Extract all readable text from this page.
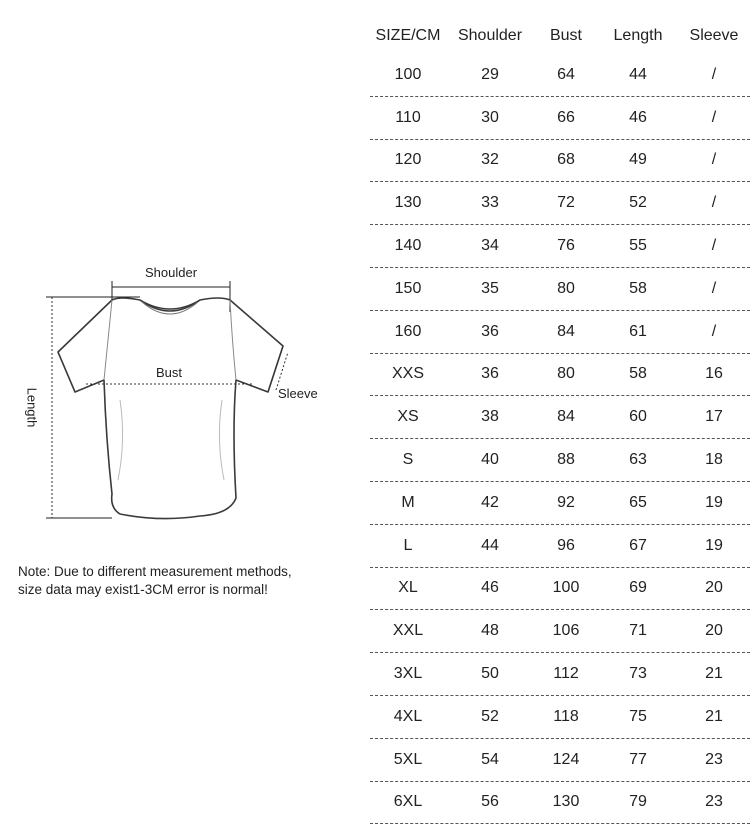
Shoulder
Bust
Sleeve
Length
Note: Due to different measurement methods,
size data may exist1-3CM error is normal!
SIZE/CM	Shoulder	Bust	Length	Sleeve
100	29	64	44	/
110	30	66	46	/
120	32	68	49	/
130	33	72	52	/
140	34	76	55	/
150	35	80	58	/
160	36	84	61	/
XXS	36	80	58	16
XS	38	84	60	17
S	40	88	63	18
M	42	92	65	19
L	44	96	67	19
XL	46	100	69	20
XXL	48	106	71	20
3XL	50	112	73	21
4XL	52	118	75	21
5XL	54	124	77	23
6XL	56	130	79	23
